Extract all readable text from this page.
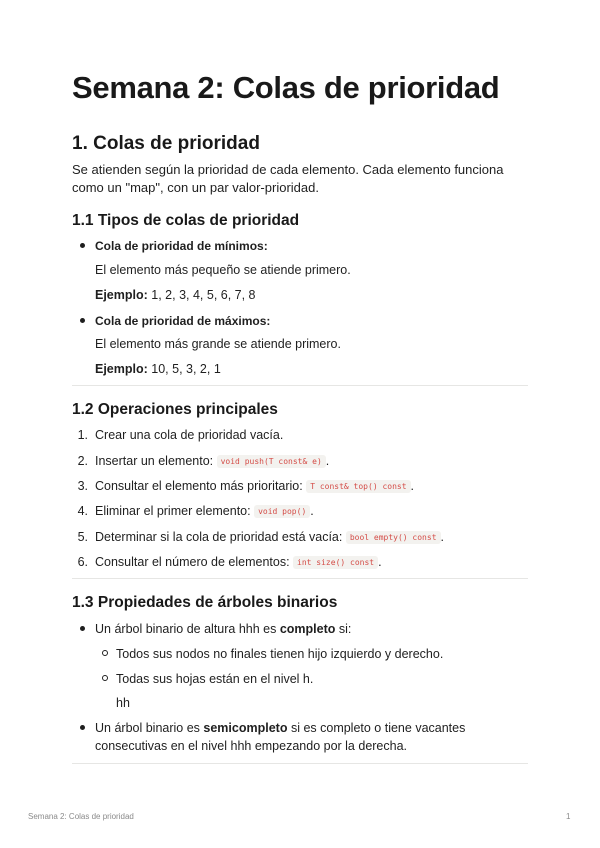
Semana 2: Colas de prioridad
1. Colas de prioridad

Se atienden según la prioridad de cada elemento. Cada elemento funciona
como un "map", con un par valor-prioridad.

1.1 Tipos de colas de prioridad
Cola de prioridad de mínimos:
El elemento más pequeño se atiende primero.
Ejemplo: 1, 2, 3, 4, 5, 6, 7, 8
Cola de prioridad de máximos:
El elemento más grande se atiende primero.
Ejemplo: 10, 5, 3, 2, 1
1.2 Operaciones principales
1. Crear una cola de prioridad vacía.
2. Insertar un elemento: void push(T const& e) .
3. Consultar el elemento más prioritario: T const& top() const .
4. Eliminar el primer elemento: void pop() .
5. Determinar si la cola de prioridad está vacía: bool empty() const .
6. Consultar el número de elementos: int size() const .
1.3 Propiedades de árboles binarios
Un árbol binario de altura hhh es completo si:
Todos sus nodos no finales tienen hijo izquierdo y derecho.
Todas sus hojas están en el nivel h.
hh
Un árbol binario es semicompleto si es completo o tiene vacantes
consecutivas en el nivel hhh empezando por la derecha.
Semana 2: Colas de prioridad	1
